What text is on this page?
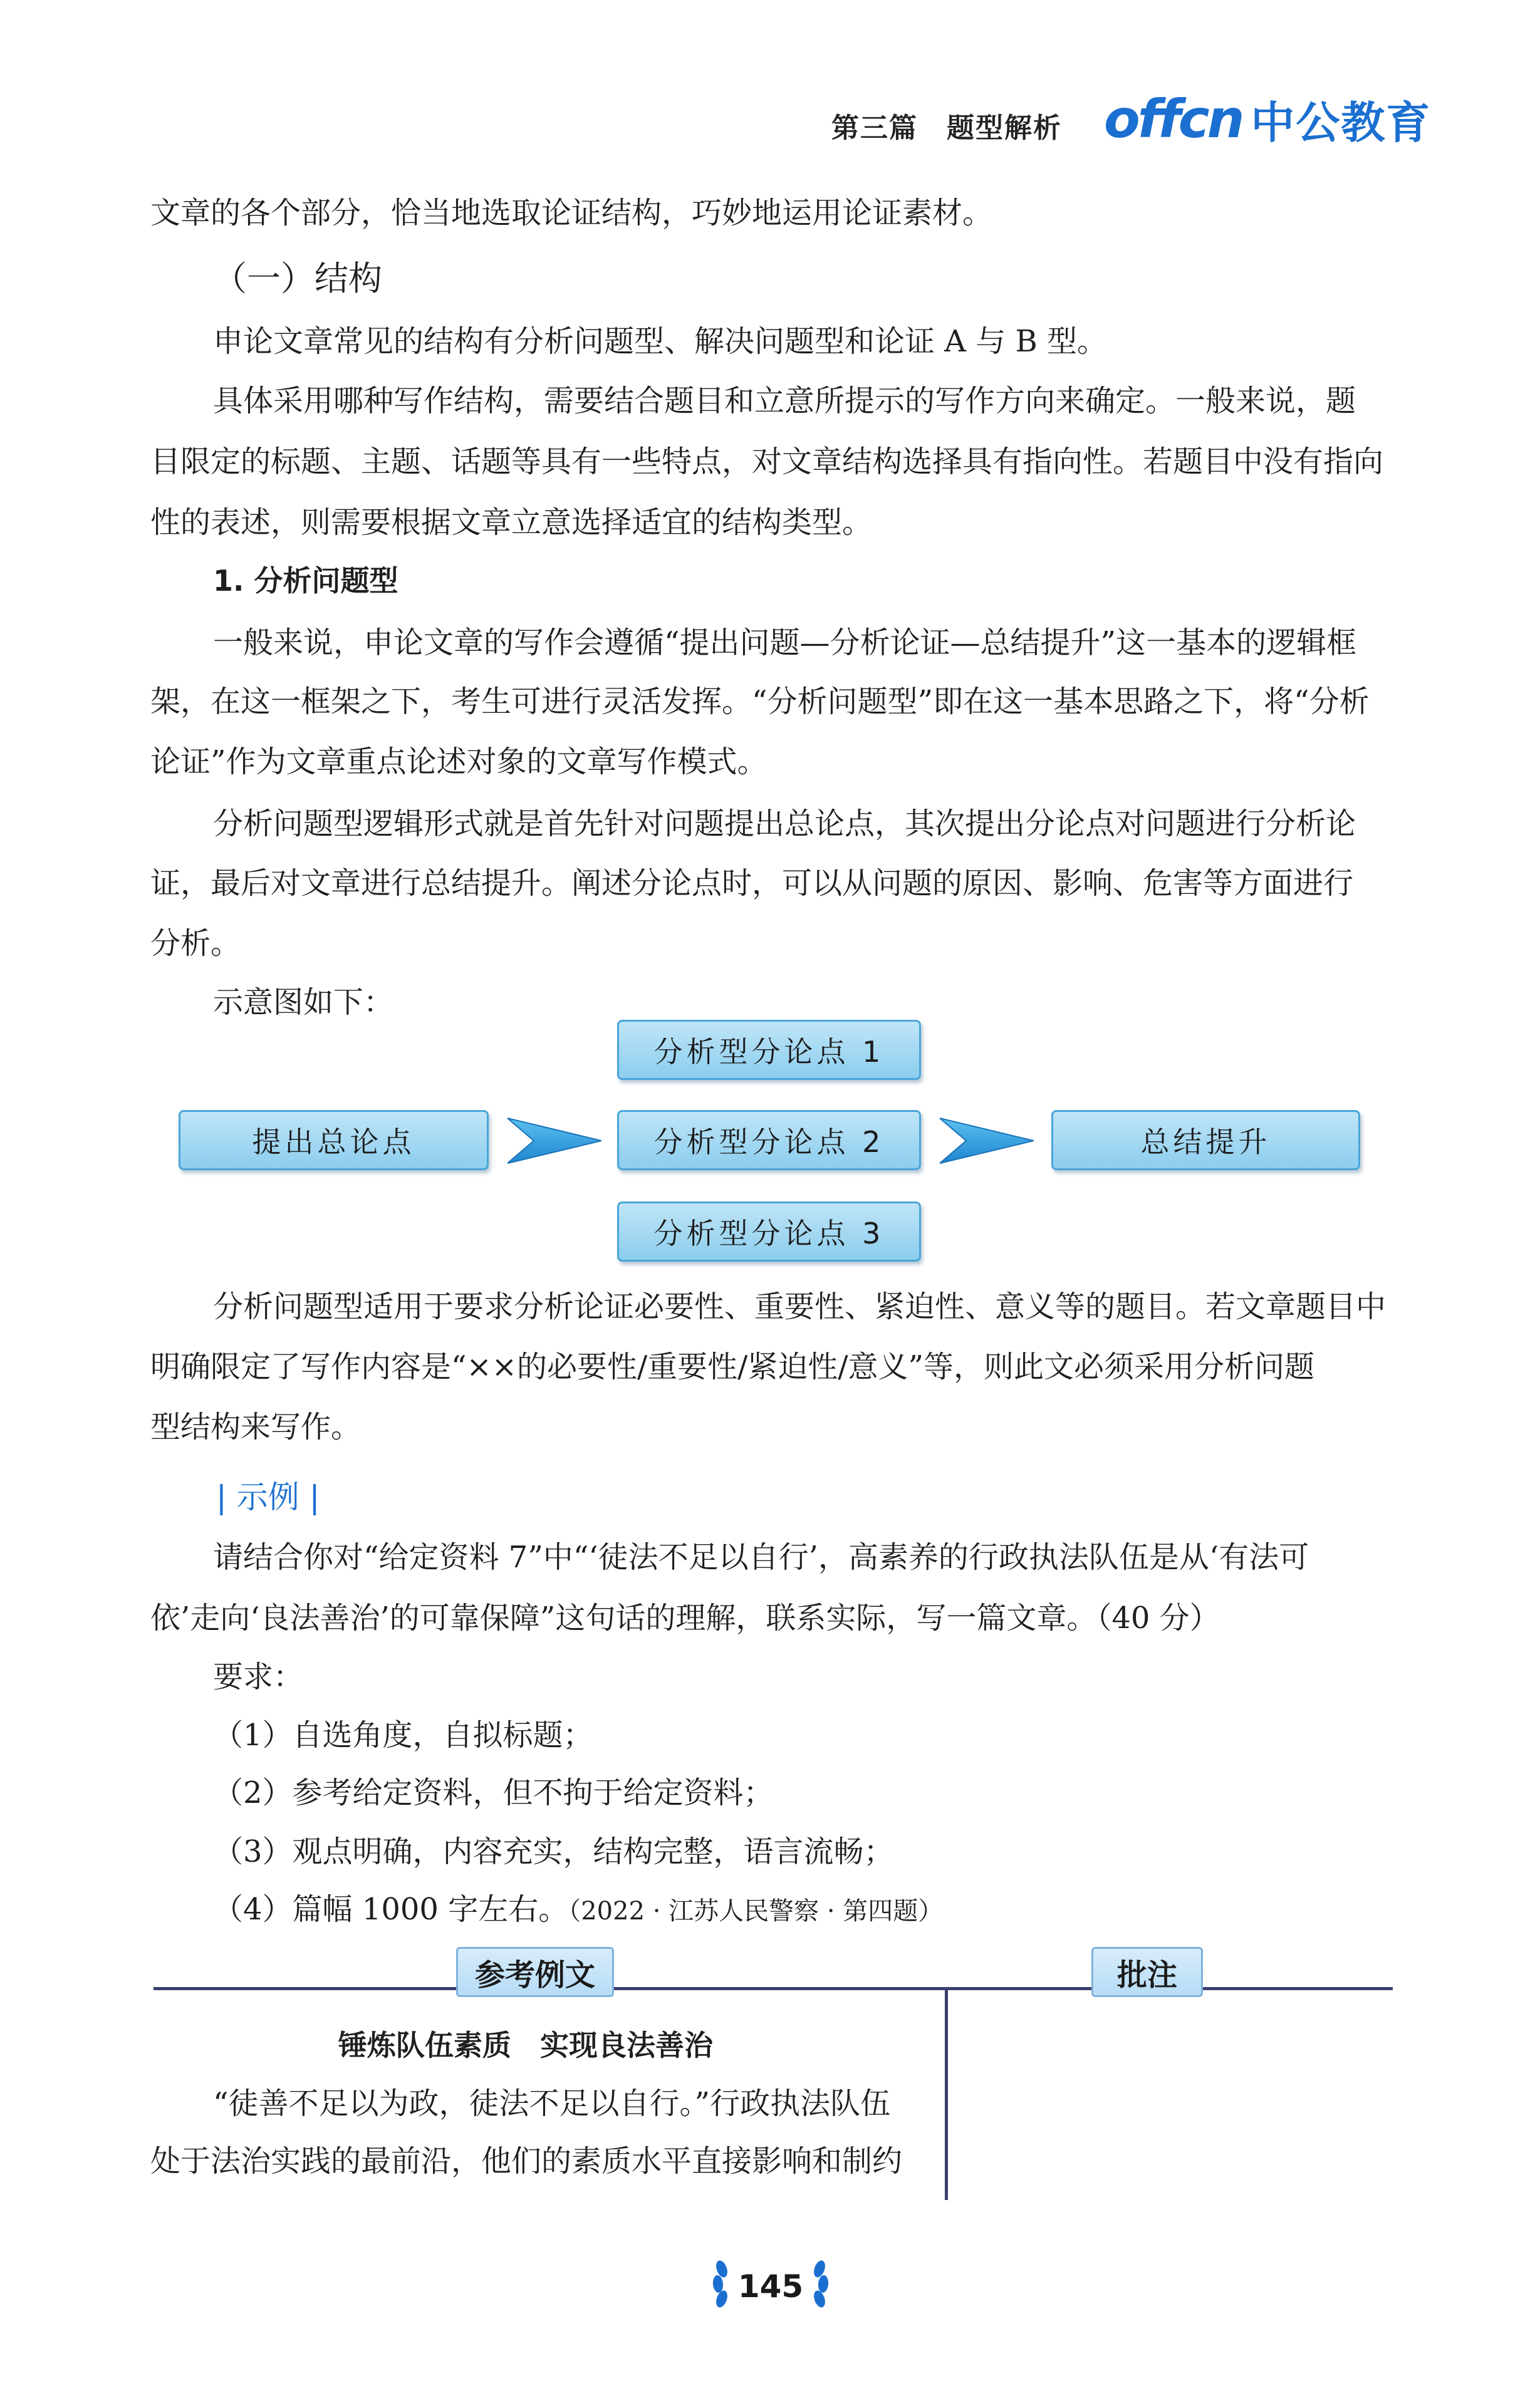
第三篇　题型解析 offcn 中公教育
文章的各个部分，恰当地选取论证结构，巧妙地运用论证素材。
（一）结构
申论文章常见的结构有分析问题型、解决问题型和论证 A 与 B 型。
具体采用哪种写作结构，需要结合题目和立意所提示的写作方向来确定。一般来说，题
目限定的标题、主题、话题等具有一些特点，对文章结构选择具有指向性。若题目中没有指向
性的表述，则需要根据文章立意选择适宜的结构类型。
1. 分析问题型
一般来说，申论文章的写作会遵循“提出问题—分析论证—总结提升”这一基本的逻辑框
架，在这一框架之下，考生可进行灵活发挥。“分析问题型”即在这一基本思路之下，将“分析
论证”作为文章重点论述对象的文章写作模式。
分析问题型逻辑形式就是首先针对问题提出总论点，其次提出分论点对问题进行分析论
证，最后对文章进行总结提升。阐述分论点时，可以从问题的原因、影响、危害等方面进行
分析。
示意图如下：
分析型分论点 1
提出总论点	分析型分论点 2	总结提升
分析型分论点 3
分析问题型适用于要求分析论证必要性、重要性、紧迫性、意义等的题目。若文章题目中
明确限定了写作内容是“××的必要性/重要性/紧迫性/意义”等，则此文必须采用分析问题
型结构来写作。
| 示例 |
请结合你对“给定资料 7”中“‘徒法不足以自行’，高素养的行政执法队伍是从‘有法可
依’走向‘良法善治’的可靠保障”这句话的理解，联系实际，写一篇文章。（40 分）
要求：
（1）自选角度，自拟标题；
（2）参考给定资料，但不拘于给定资料；
（3）观点明确，内容充实，结构完整，语言流畅；
（4）篇幅 1000 字左右。（2022 · 江苏人民警察 · 第四题）
参考例文	批注
锤炼队伍素质　实现良法善治
“徒善不足以为政，徒法不足以自行。”行政执法队伍
处于法治实践的最前沿，他们的素质水平直接影响和制约
145
